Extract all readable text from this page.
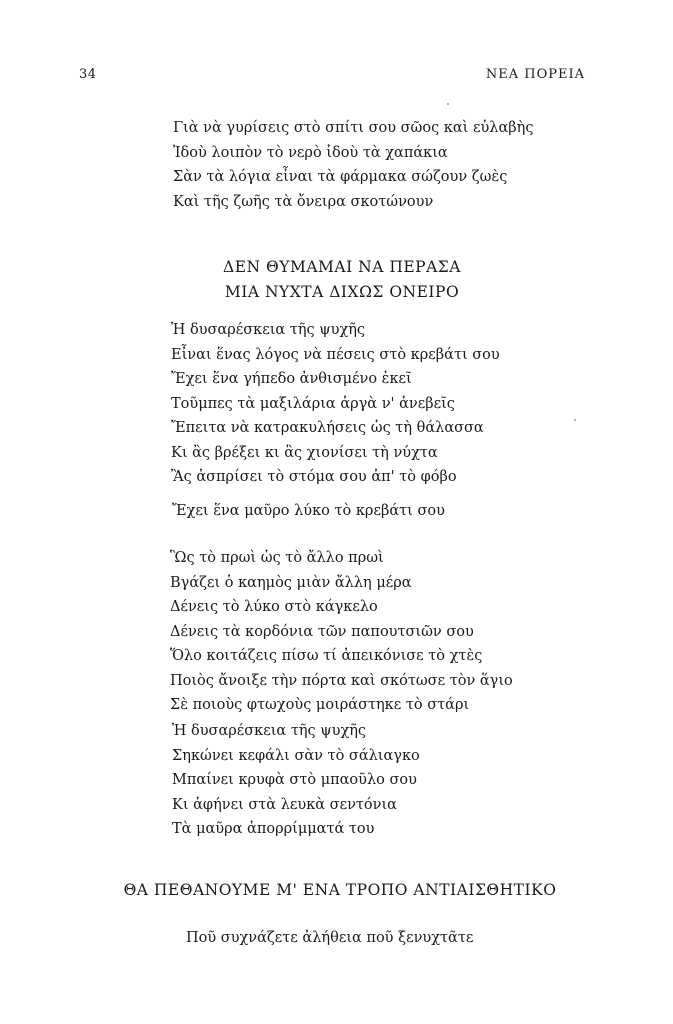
34	ΝΕΑ ΠΟΡΕΙΑ
Γιὰ νὰ γυρίσεις στὸ σπίτι σου σῶος καὶ εὐλαβὴς
Ἰδοὺ λοιπὸν τὸ νερὸ ἰδοὺ τὰ χαπάκια
Σὰν τὰ λόγια εἶναι τὰ φάρμακα σώζουν ζωὲς
Καὶ τῆς ζωῆς τὰ ὄνειρα σκοτώνουν
ΔΕΝ ΘΥΜΑΜΑΙ ΝΑ ΠΕΡΑΣΑ
ΜΙΑ ΝΥΧΤΑ ΔΙΧΩΣ ΟΝΕΙΡΟ
Ἡ δυσαρέσκεια τῆς ψυχῆς
Εἶναι ἕνας λόγος νὰ πέσεις στὸ κρεβάτι σου
Ἔχει ἕνα γήπεδο ἀνθισμένο ἐκεῖ
Τοῦμπες τὰ μαξιλάρια ἀργὰ ν' ἀνεβεῖς
Ἔπειτα νὰ κατρακυλήσεις ὡς τὴ θάλασσα
Κι ἂς βρέξει κι ἂς χιονίσει τὴ νύχτα
Ἂς ἀσπρίσει τὸ στόμα σου ἀπ' τὸ φόβο
Ἔχει ἕνα μαῦρο λύκο τὸ κρεβάτι σου
Ὣς τὸ πρωὶ ὡς τὸ ἄλλο πρωὶ
Βγάζει ὁ καημὸς μιὰν ἄλλη μέρα
Δένεις τὸ λύκο στὸ κάγκελο
Δένεις τὰ κορδόνια τῶν παπουτσιῶν σου
Ὅλο κοιτάζεις πίσω τί ἀπεικόνισε τὸ χτὲς
Ποιὸς ἄνοιξε τὴν πόρτα καὶ σκότωσε τὸν ἅγιο
Σὲ ποιοὺς φτωχοὺς μοιράστηκε τὸ στάρι
Ἡ δυσαρέσκεια τῆς ψυχῆς
Σηκώνει κεφάλι σὰν τὸ σάλιαγκο
Μπαίνει κρυφὰ στὸ μπαοῦλο σου
Κι ἀφήνει στὰ λευκὰ σεντόνια
Τὰ μαῦρα ἀπορρίμματά του
ΘΑ ΠΕΘΑΝΟΥΜΕ Μ' ΕΝΑ ΤΡΟΠΟ ΑΝΤΙΑΙΣΘΗΤΙΚΟ
Ποῦ συχνάζετε ἀλήθεια ποῦ ξενυχτᾶτε
